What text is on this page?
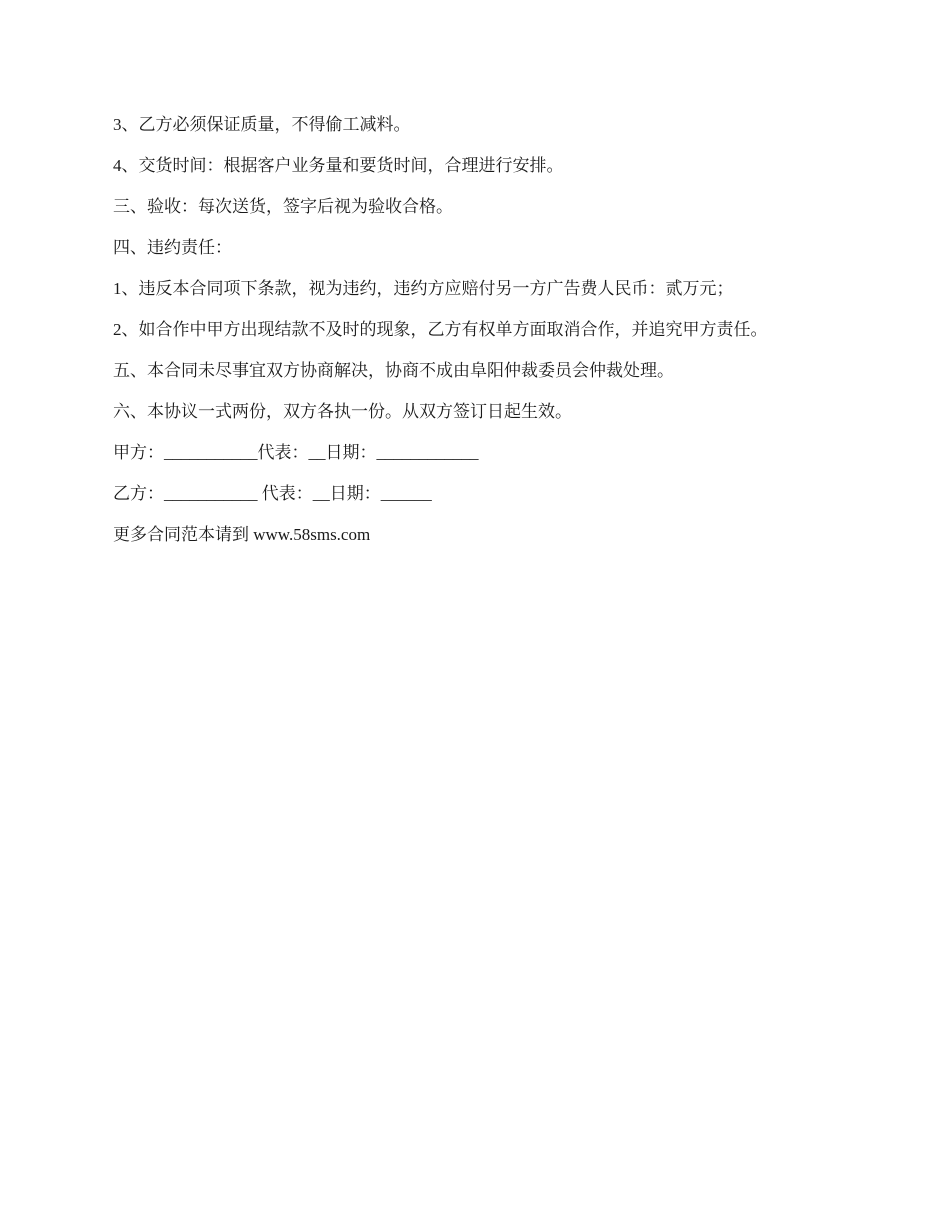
3、乙方必须保证质量，不得偷工减料。
4、交货时间：根据客户业务量和要货时间，合理进行安排。
三、验收：每次送货，签字后视为验收合格。
四、违约责任：
1、违反本合同项下条款，视为违约，违约方应赔付另一方广告费人民币：贰万元；
2、如合作中甲方出现结款不及时的现象，乙方有权单方面取消合作，并追究甲方责任。
五、本合同未尽事宜双方协商解决，协商不成由阜阳仲裁委员会仲裁处理。
六、本协议一式两份，双方各执一份。从双方签订日起生效。
甲方：___________代表：__日期：____________
乙方：___________ 代表：__日期：______
更多合同范本请到 www.58sms.com
